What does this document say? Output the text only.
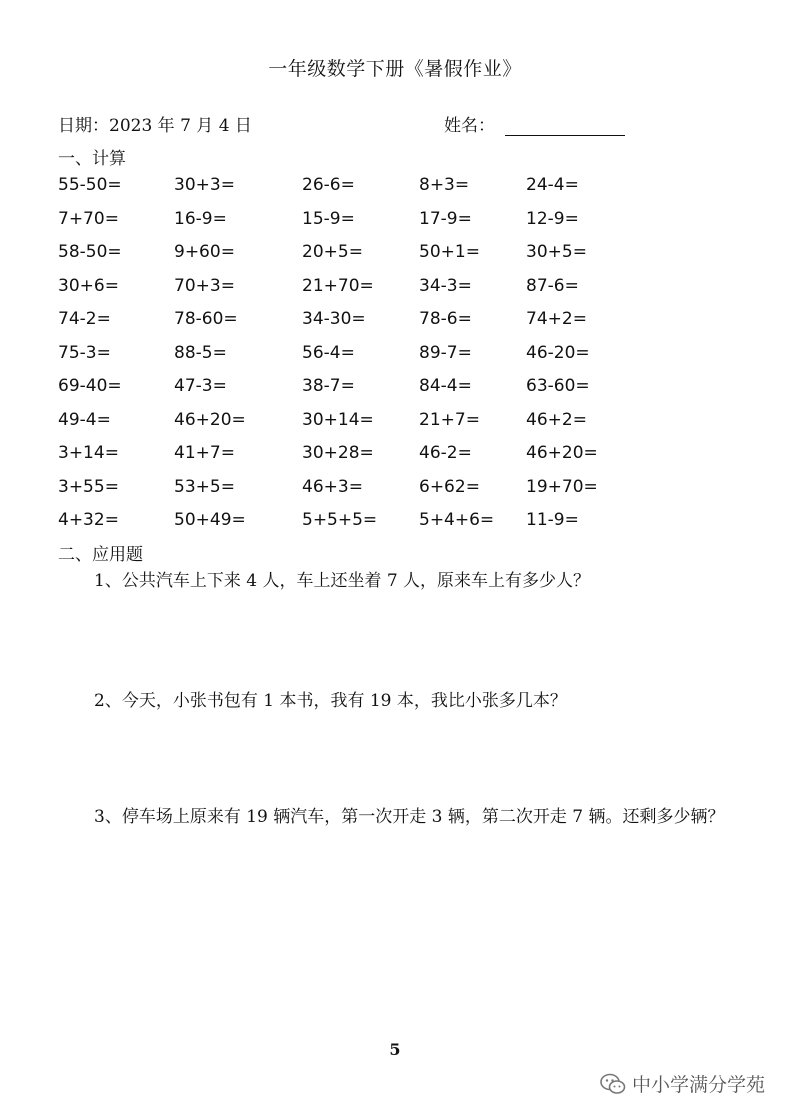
一年级数学下册《暑假作业》
日期：2023 年 7 月 4 日	姓名：
一、计算
55-50=	30+3=	26-6=	8+3=	24-4=
7+70=	16-9=	15-9=	17-9=	12-9=
58-50=	9+60=	20+5=	50+1=	30+5=
30+6=	70+3=	21+70=	34-3=	87-6=
74-2=	78-60=	34-30=	78-6=	74+2=
75-3=	88-5=	56-4=	89-7=	46-20=
69-40=	47-3=	38-7=	84-4=	63-60=
49-4=	46+20=	30+14=	21+7=	46+2=
3+14=	41+7=	30+28=	46-2=	46+20=
3+55=	53+5=	46+3=	6+62=	19+70=
4+32=	50+49=	5+5+5= 5+4+6= 11-9=
二、应用题
1、公共汽车上下来 4 人，车上还坐着 7 人，原来车上有多少人？
2、今天，小张书包有 1 本书，我有 19 本，我比小张多几本？
3、停车场上原来有 19 辆汽车，第一次开走 3 辆，第二次开走 7 辆。还剩多少辆？
5
中小学满分学苑
